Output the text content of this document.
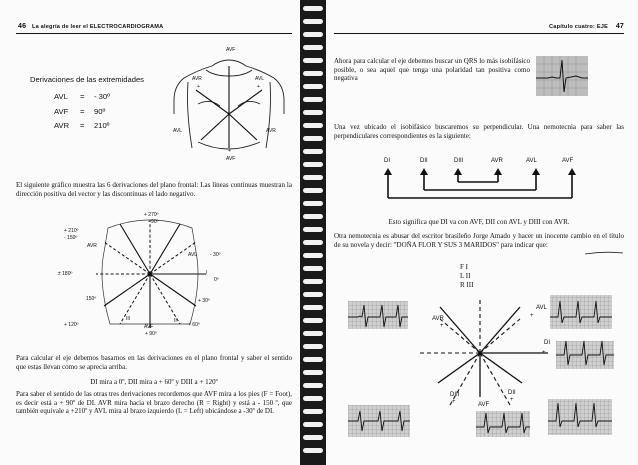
46 La alegría de leer el ELECTROCARDIOGRAMA
Derivaciones de las extremidades
AVL = - 30º
AVF = 90º
AVR = 210º
AVF
AVR	AVL
AVL	AVR
AVF
+	+
+
El siguiente gráfico muestra las 6 derivaciones del plano frontal: Las líneas continuas muestran la dirección positiva del vector y las discontinuas el lado negativo.
+ 270º
- 90º
+ 210º
- 150º
AVR
AVL	- 30º
± 180º	I
0º
150º	+ 30º
III	II
AVF
+ 120º
+ 90º
+ 60º
Para calcular el eje debemos basarnos en las derivaciones en el plano frontal y saber el sentido que estas llevan como se aprecia arriba.
DI mira a 0º, DII mira a + 60º y DIII a + 120º
Para saber el sentido de las otras tres derivaciones recordemos que AVF mira a los pies (F = Foot), es decir está a + 90º de DI. AVR mira hacia el brazo derecho (R = Right) y está a - 150 º, que también equivale a +210º y AVL mira al brazo izquierdo (L = Left) ubicándose a -30º de DI.
Capítulo cuatro: EJE 47
Ahora para calcular el eje debemos buscar un QRS lo más isobifásico posible, o sea aquel que tenga una polaridad tan positiva como negativa
Una vez ubicado el isobifásico buscaremos su perpendicular. Una nemotecnia para saber las perpendiculares correspondientes es la siguiente:
DI	DII	DIII	AVR	AVL	AVF
Esto significa que DI va con AVF, DII con AVL y DIII con AVR.
Otra nemotecnia es abusar del escritor brasileño Jorge Amado y hacer un inocente cambio en el título de su novela y decir: "DOÑA FLOR Y SUS 3 MARIDOS" para indicar que:
F I
L II
R III
AVR
AVL
DI
DIII
AVF
DII
+
+
+
+	+
